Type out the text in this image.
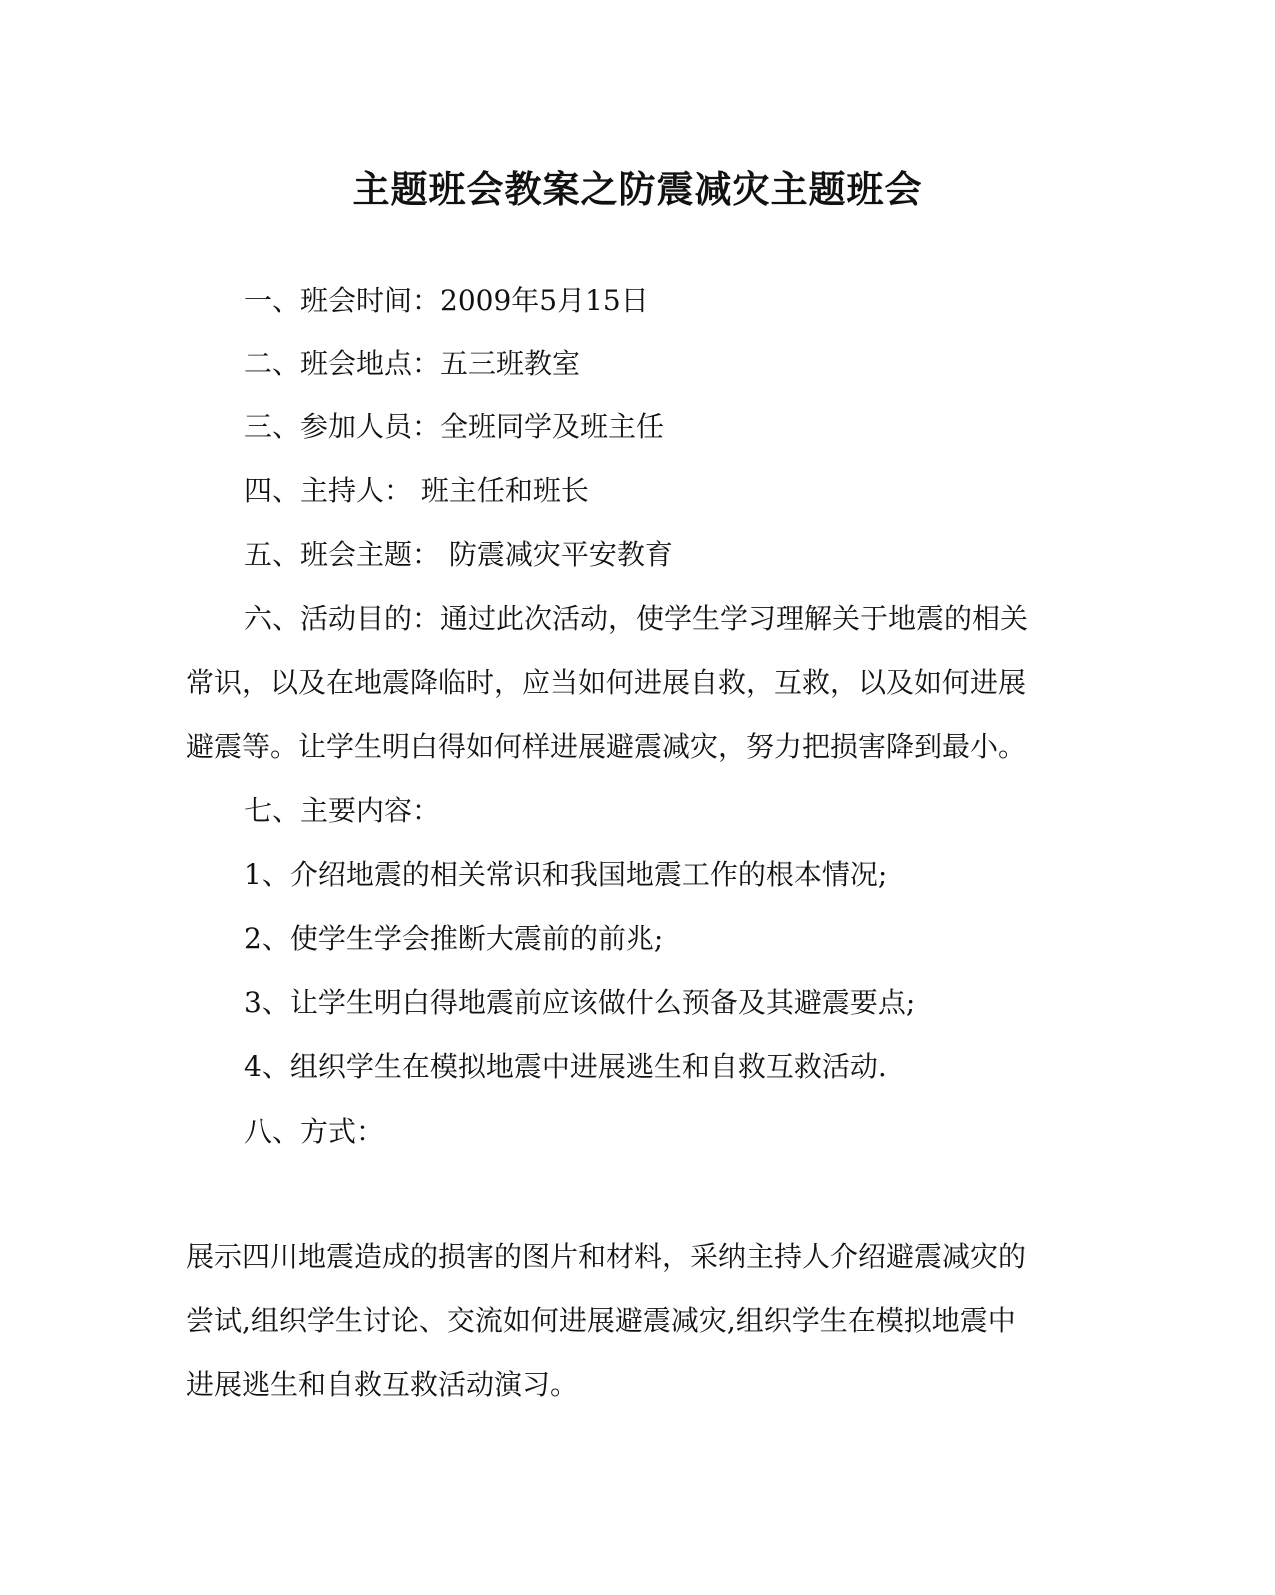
主题班会教案之防震减灾主题班会
一、班会时间：2009年5月15日
二、班会地点：五三班教室
三、参加人员：全班同学及班主任
四、主持人： 班主任和班长
五、班会主题： 防震减灾平安教育
六、活动目的：通过此次活动，使学生学习理解关于地震的相关
常识，以及在地震降临时，应当如何进展自救，互救，以及如何进展
避震等。让学生明白得如何样进展避震减灾，努力把损害降到最小。
七、主要内容：
1、介绍地震的相关常识和我国地震工作的根本情况;
2、使学生学会推断大震前的前兆;
3、让学生明白得地震前应该做什么预备及其避震要点;
4、组织学生在模拟地震中进展逃生和自救互救活动.
八、方式：
展示四川地震造成的损害的图片和材料，采纳主持人介绍避震减灾的
尝试,组织学生讨论、交流如何进展避震减灾,组织学生在模拟地震中
进展逃生和自救互救活动演习。
